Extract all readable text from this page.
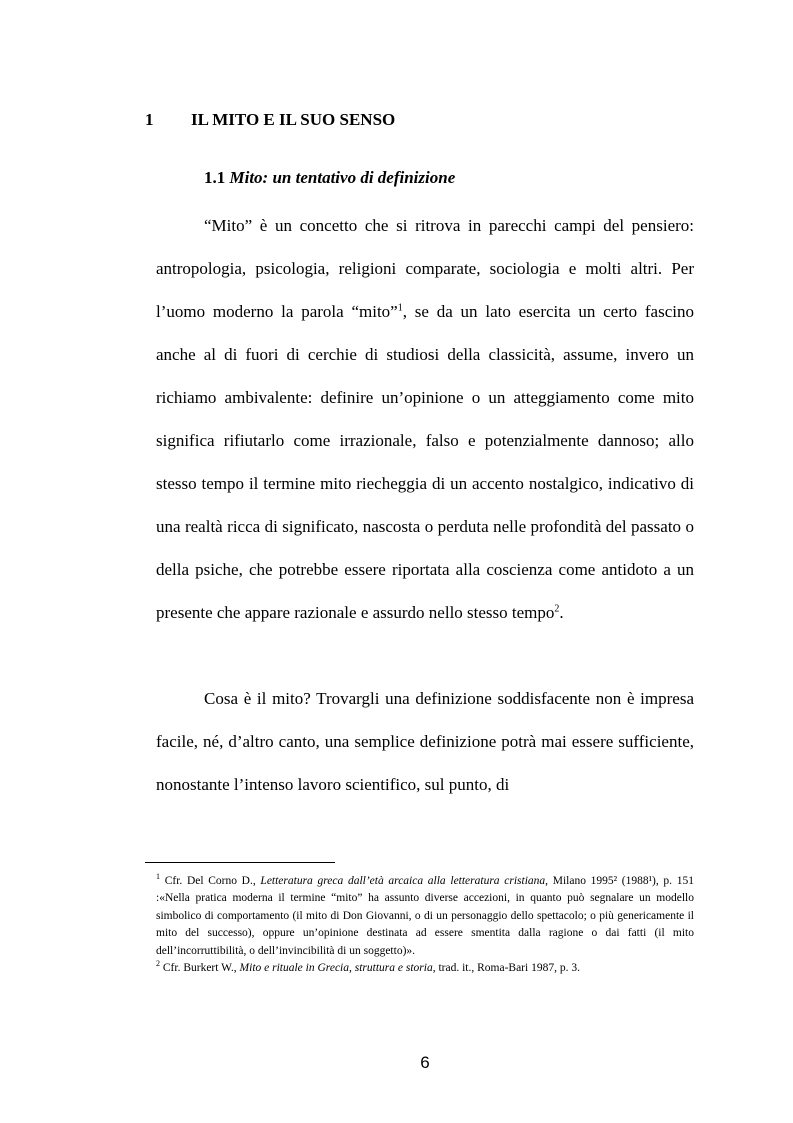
1 IL MITO E IL SUO SENSO
1.1 Mito: un tentativo di definizione

“Mito” è un concetto che si ritrova in parecchi campi del pensiero: antropologia, psicologia, religioni comparate, sociologia e molti altri. Per l’uomo moderno la parola “mito”$^1$, se da un lato esercita un certo fascino anche al di fuori di cerchie di studiosi della classicità, assume, invero un richiamo ambivalente: definire un’opinione o un atteggiamento come mito significa rifiutarlo come irrazionale, falso e potenzialmente dannoso; allo stesso tempo il termine mito riecheggia di un accento nostalgico, indicativo di una realtà ricca di significato, nascosta o perduta nelle profondità del passato o della psiche, che potrebbe essere riportata alla coscienza come antidoto a un presente che appare razionale e assurdo nello stesso tempo$^2$.

Cosa è il mito? Trovargli una definizione soddisfacente non è impresa facile, né, d’altro canto, una semplice definizione potrà mai essere sufficiente, nonostante l’intenso lavoro scientifico, sul punto, di

$^1$ Cfr. Del Corno D., Letteratura greca dall’età arcaica alla letteratura cristiana, Milano 1995² (1988¹), p. 151 :«Nella pratica moderna il termine “mito” ha assunto diverse accezioni, in quanto può segnalare un modello simbolico di comportamento (il mito di Don Giovanni, o di un personaggio dello spettacolo; o più genericamente il mito del successo), oppure un’opinione destinata ad essere smentita dalla ragione o dai fatti (il mito dell’incorruttibilità, o dell’invincibilità di un soggetto)».

$^2$ Cfr. Burkert W., Mito e rituale in Grecia, struttura e storia, trad. it., Roma-Bari 1987, p. 3.

6
